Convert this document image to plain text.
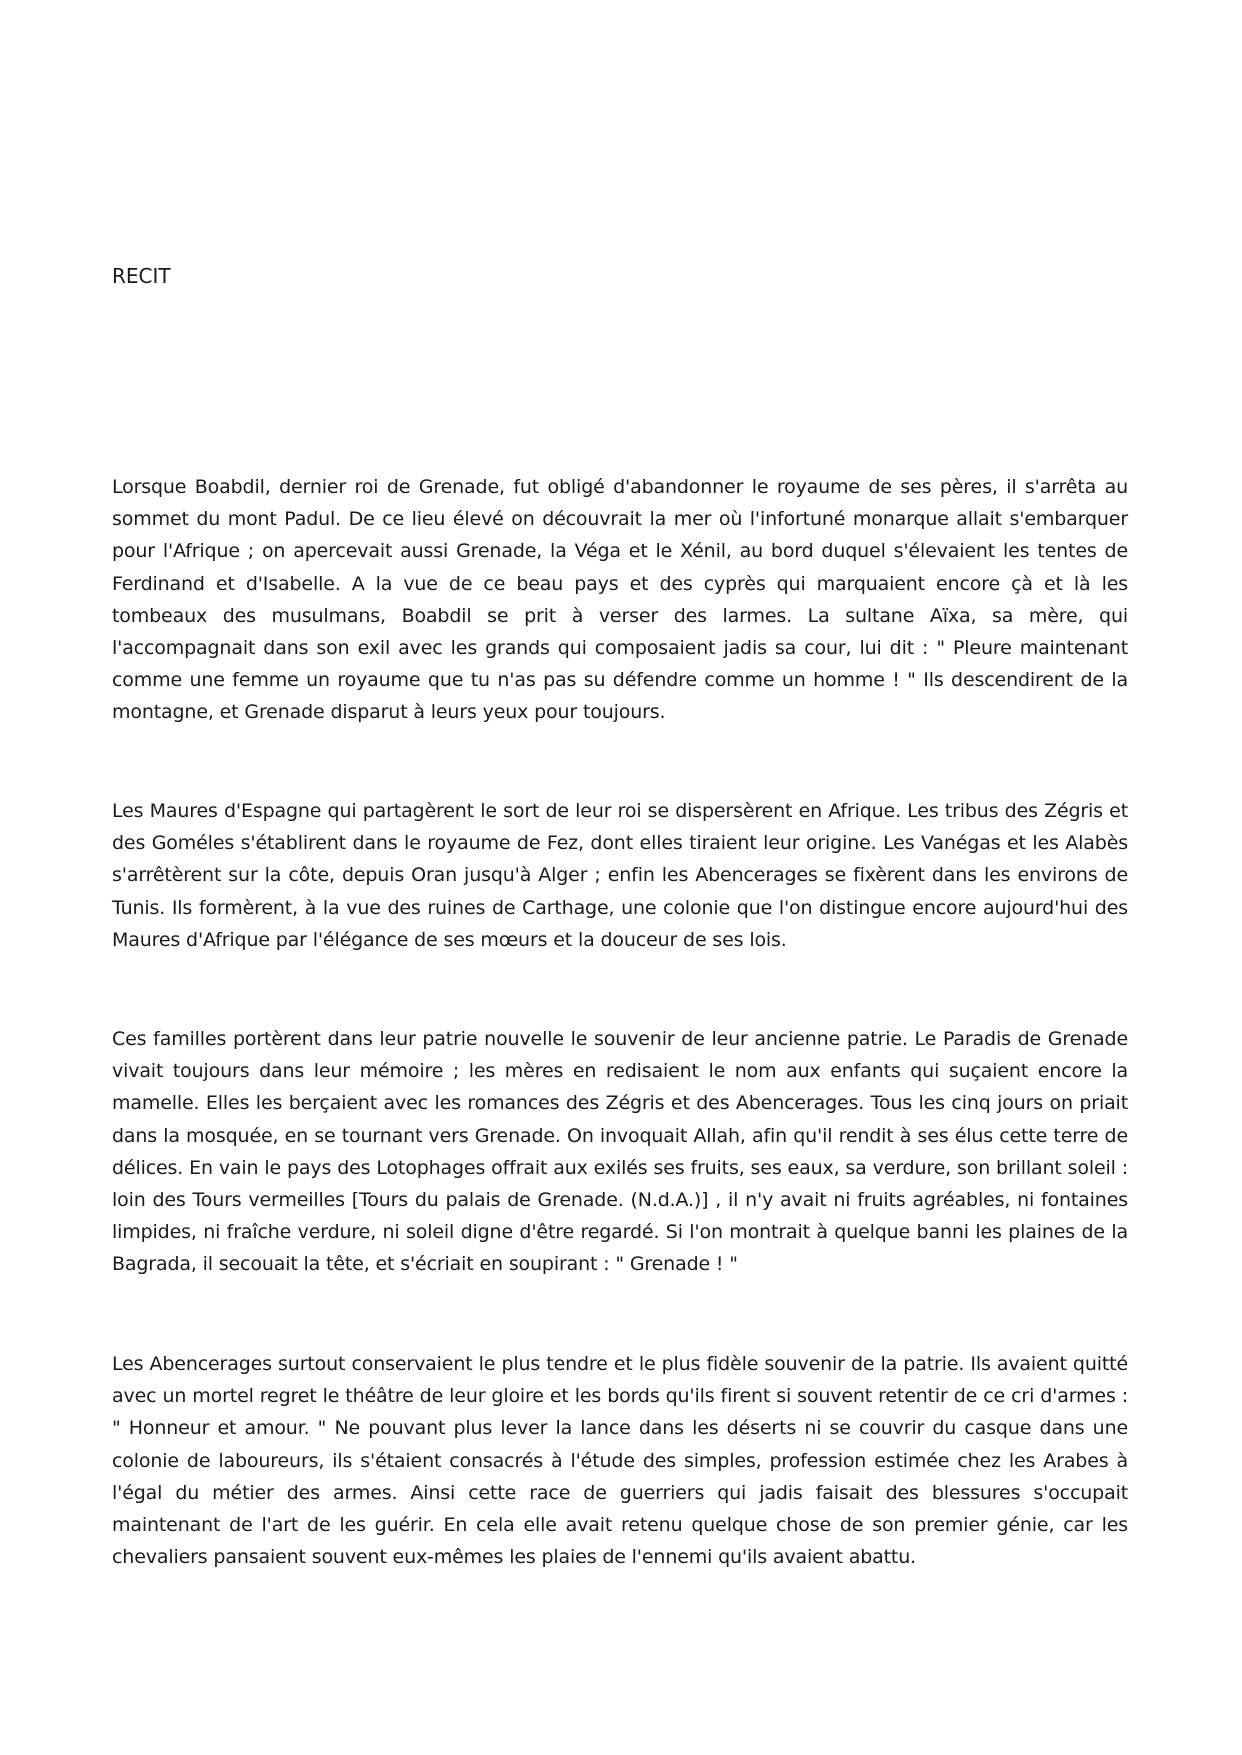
RECIT

Lorsque Boabdil, dernier roi de Grenade, fut obligé d'abandonner le royaume de ses pères, il s'arrêta au sommet du mont Padul. De ce lieu élevé on découvrait la mer où l'infortuné monarque allait s'embarquer pour l'Afrique ; on apercevait aussi Grenade, la Véga et le Xénil, au bord duquel s'élevaient les tentes de Ferdinand et d'Isabelle. A la vue de ce beau pays et des cyprès qui marquaient encore çà et là les tombeaux des musulmans, Boabdil se prit à verser des larmes. La sultane Aïxa, sa mère, qui l'accompagnait dans son exil avec les grands qui composaient jadis sa cour, lui dit : " Pleure maintenant comme une femme un royaume que tu n'as pas su défendre comme un homme ! " Ils descendirent de la montagne, et Grenade disparut à leurs yeux pour toujours.

Les Maures d'Espagne qui partagèrent le sort de leur roi se dispersèrent en Afrique. Les tribus des Zégris et des Goméles s'établirent dans le royaume de Fez, dont elles tiraient leur origine. Les Vanégas et les Alabès s'arrêtèrent sur la côte, depuis Oran jusqu'à Alger ; enfin les Abencerages se fixèrent dans les environs de Tunis. Ils formèrent, à la vue des ruines de Carthage, une colonie que l'on distingue encore aujourd'hui des Maures d'Afrique par l'élégance de ses mœurs et la douceur de ses lois.

Ces familles portèrent dans leur patrie nouvelle le souvenir de leur ancienne patrie. Le Paradis de Grenade vivait toujours dans leur mémoire ; les mères en redisaient le nom aux enfants qui suçaient encore la mamelle. Elles les berçaient avec les romances des Zégris et des Abencerages. Tous les cinq jours on priait dans la mosquée, en se tournant vers Grenade. On invoquait Allah, afin qu'il rendit à ses élus cette terre de délices. En vain le pays des Lotophages offrait aux exilés ses fruits, ses eaux, sa verdure, son brillant soleil : loin des Tours vermeilles [Tours du palais de Grenade. (N.d.A.)] , il n'y avait ni fruits agréables, ni fontaines limpides, ni fraîche verdure, ni soleil digne d'être regardé. Si l'on montrait à quelque banni les plaines de la Bagrada, il secouait la tête, et s'écriait en soupirant : " Grenade ! "

Les Abencerages surtout conservaient le plus tendre et le plus fidèle souvenir de la patrie. Ils avaient quitté avec un mortel regret le théâtre de leur gloire et les bords qu'ils firent si souvent retentir de ce cri d'armes : " Honneur et amour. " Ne pouvant plus lever la lance dans les déserts ni se couvrir du casque dans une colonie de laboureurs, ils s'étaient consacrés à l'étude des simples, profession estimée chez les Arabes à l'égal du métier des armes. Ainsi cette race de guerriers qui jadis faisait des blessures s'occupait maintenant de l'art de les guérir. En cela elle avait retenu quelque chose de son premier génie, car les chevaliers pansaient souvent eux-mêmes les plaies de l'ennemi qu'ils avaient abattu.
